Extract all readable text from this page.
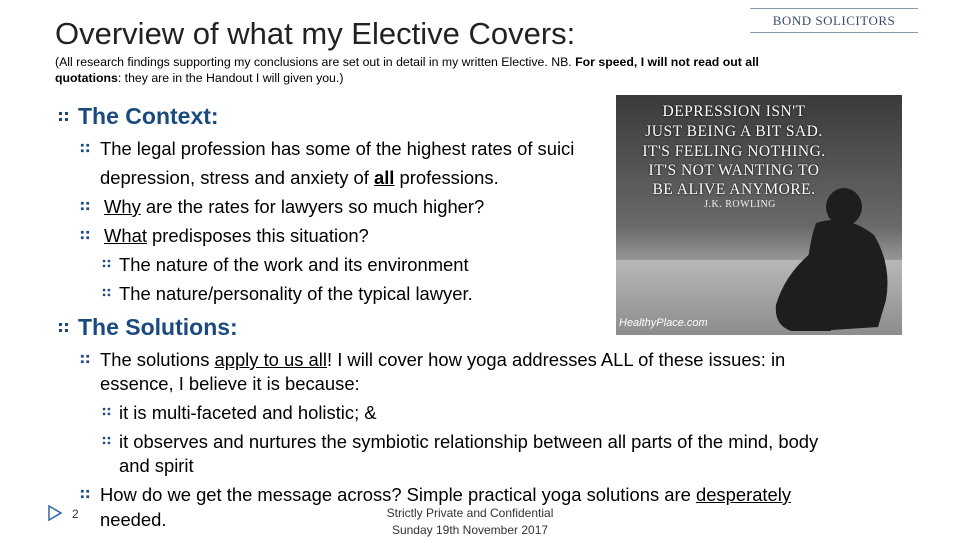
Overview of what my Elective Covers:	BOND SOLICITORS
(All research findings supporting my conclusions are set out in detail in my written Elective. NB. For speed, I will not read out all
quotations: they are in the Handout I will given you.)
DEPRESSION ISN'T
JUST BEING A BIT SAD.
IT'S FEELING NOTHING.
IT'S NOT WANTING TO
BE ALIVE ANYMORE.
J.K. ROWLING
HealthyPlace.com
The Context:
The legal profession has some of the highest rates of suici
depression, stress and anxiety of all professions.
Why are the rates for lawyers so much higher?
What predisposes this situation?
The nature of the work and its environment
The nature/personality of the typical lawyer.
The Solutions:
The solutions apply to us all! I will cover how yoga addresses ALL of these issues: in
essence, I believe it is because:
it is multi-faceted and holistic; &
it observes and nurtures the symbiotic relationship between all parts of the mind, body
and spirit
How do we get the message across? Simple practical yoga solutions are desperately
needed.
2	Strictly Private and Confidential
Sunday 19th November 2017
